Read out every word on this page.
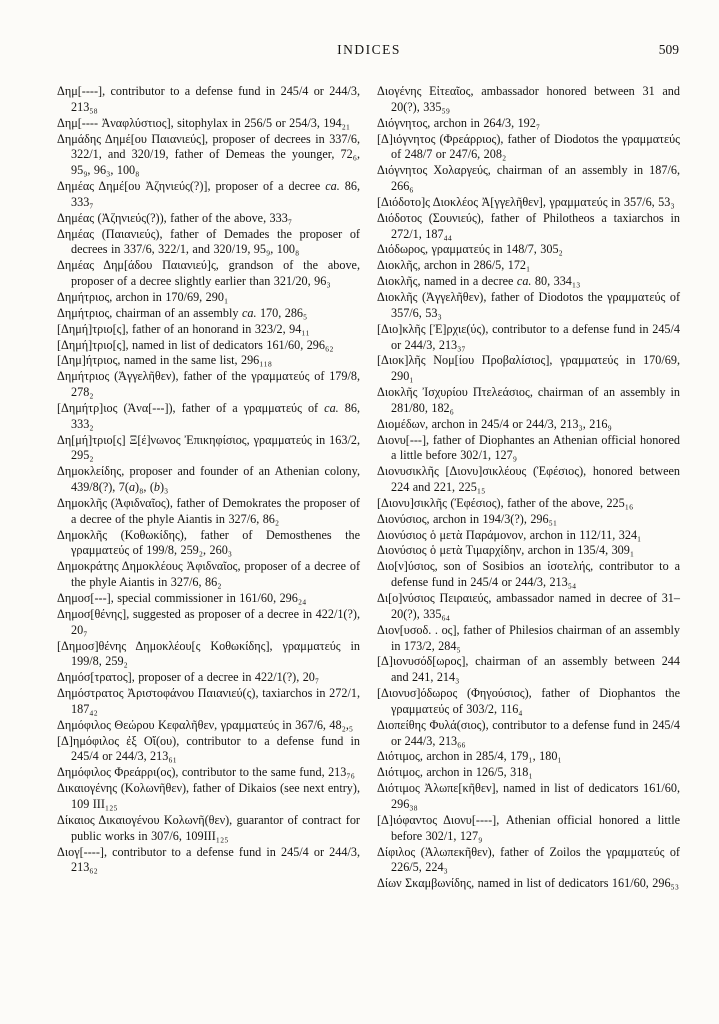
INDICES	509

Δημ[----], contributor to a defense fund in 245/4 or 244/3, 213₅₈

Δημ[---- Ἀναφλύστιος], sitophylax in 256/5 or 254/3, 194₂₁

Δημάδης Δημέ[ου Παιανιεύς], proposer of decrees in 337/6, 322/1, and 320/19, father of Demeas the younger, 72₆, 95₉, 96₃, 100₈

Δημέας Δημέ[ου Ἀζηνιεύς(?)], proposer of a decree ca. 86, 333₇

Δημέας (Ἀζηνιεύς(?)), father of the above, 333₇

Δημέας (Παιανιεύς), father of Demades the proposer of decrees in 337/6, 322/1, and 320/19, 95₉, 100₈

Δημέας Δημ[άδου Παιανιεύ]ς, grandson of the above, proposer of a decree slightly earlier than 321/20, 96₃

Δημήτριος, archon in 170/69, 290₁

Δημήτριος, chairman of an assembly ca. 170, 286₅

[Δημή]τριο[ς], father of an honorand in 323/2, 94₁₁

[Δημή]τριο[ς], named in list of dedicators 161/60, 296₆₂

[Δημ]ήτριος, named in the same list, 296₁₁₈

Δημήτριος (Ἀγγελῆθεν), father of the γραμματεύς of 179/8, 278₂

[Δημήτρ]ιος (Ἀνα[---]), father of a γραμματεύς of ca. 86, 333₂

Δη[μή]τριο[ς] Ξ[έ]νωνος Ἐπικηφίσιος, γραμματεύς in 163/2, 295₂

Δημοκλείδης, proposer and founder of an Athenian colony, 439/8(?), 7(a)₈, (b)₃

Δημοκλῆς (Ἀφιδναῖος), father of Demokrates the proposer of a decree of the phyle Aiantis in 327/6, 86₂

Δημοκλῆς (Κοθωκίδης), father of Demosthenes the γραμματεύς of 199/8, 259₂, 260₃

Δημοκράτης Δημοκλέους Ἀφιδναῖος, proposer of a decree of the phyle Aiantis in 327/6, 86₂

Δημοσ[---], special commissioner in 161/60, 296₂₄

Δημοσ[θένης], suggested as proposer of a decree in 422/1(?), 20₇

[Δημοσ]θένης Δημοκλέου[ς Κοθωκίδης], γραμματεύς in 199/8, 259₂

Δημόσ[τρατος], proposer of a decree in 422/1(?), 20₇

Δημόστρατος Ἀριστοφάνου Παιανιεύ(ς), taxiarchos in 272/1, 187₄₂

Δημόφιλος Θεώρου Κεφαλῆθεν, γραμματεύς in 367/6, 48₂,₅

[Δ]ημόφιλος ἐξ Οἴ(ου), contributor to a defense fund in 245/4 or 244/3, 213₆₁

Δημόφιλος Φρεάρρι(ος), contributor to the same fund, 213₇₆

Δικαιογένης (Κολωνῆθεν), father of Dikaios (see next entry), 109 III₁₂₅

Δίκαιος Δικαιογένου Κολωνῆ(θεν), guarantor of contract for public works in 307/6, 109III₁₂₅

Διογ[----], contributor to a defense fund in 245/4 or 244/3, 213₆₂

Διογένης Εἰτεαῖος, ambassador honored between 31 and 20(?), 335₅₉

Διόγνητος, archon in 264/3, 192₇

[Δ]ιόγνητος (Φρεάρριος), father of Diodotos the γραμματεύς of 248/7 or 247/6, 208₂

Διόγνητος Χολαργεύς, chairman of an assembly in 187/6, 266₆

[Διόδοτο]ς Διοκλέος Ἀ[γγελῆθεν], γραμματεύς in 357/6, 53₃

Διόδοτος (Σουνιεύς), father of Philotheos a taxiarchos in 272/1, 187₄₄

Διόδωρος, γραμματεύς in 148/7, 305₂

Διοκλῆς, archon in 286/5, 172₁

Διοκλῆς, named in a decree ca. 80, 334₁₃

Διοκλῆς (Ἀγγελῆθεν), father of Diodotos the γραμματεύς of 357/6, 53₃

[Διο]κλῆς [Ἐ]ρχιε(ύς), contributor to a defense fund in 245/4 or 244/3, 213₃₇

[Διοκ]λῆς Νομ[ίου Προβαλίσιος], γραμματεύς in 170/69, 290₁

Διοκλῆς Ἰσχυρίου Πτελεάσιος, chairman of an assembly in 281/80, 182₆

Διομέδων, archon in 245/4 or 244/3, 213₃, 216₉

Διονυ[---], father of Diophantes an Athenian official honored a little before 302/1, 127₉

Διονυσικλῆς [Διονυ]σικλέους (Ἐφέσιος), honored between 224 and 221, 225₁₅

[Διονυ]σικλῆς (Ἐφέσιος), father of the above, 225₁₆

Διονύσιος, archon in 194/3(?), 296₅₁

Διονύσιος ὁ μετὰ Παράμονον, archon in 112/11, 324₁

Διονύσιος ὁ μετὰ Τιμαρχίδην, archon in 135/4, 309₁

Διο[ν]ύσιος, son of Sosibios an ἰσοτελής, contributor to a defense fund in 245/4 or 244/3, 213₅₄

Δι[ο]νύσιος Πειραιεύς, ambassador named in decree of 31–20(?), 335₆₄

Διον[υσοδ. . ος], father of Philesios chairman of an assembly in 173/2, 284₅

[Δ]ιονυσόδ[ωρος], chairman of an assembly between 244 and 241, 214₃

[Διονυσ]όδωρος (Φηγούσιος), father of Diophantos the γραμματεύς of 303/2, 116₄

Διοπείθης Φυλά(σιος), contributor to a defense fund in 245/4 or 244/3, 213₆₆

Διότιμος, archon in 285/4, 179₁, 180₁

Διότιμος, archon in 126/5, 318₁

Διότιμος Ἀλωπε[κῆθεν], named in list of dedicators 161/60, 296₃₈

[Δ]ιόφαντος Διονυ[----], Athenian official honored a little before 302/1, 127₉

Δίφιλος (Ἀλωπεκῆθεν), father of Zoilos the γραμματεύς of 226/5, 224₃

Δίων Σκαμβωνίδης, named in list of dedicators 161/60, 296₅₃
